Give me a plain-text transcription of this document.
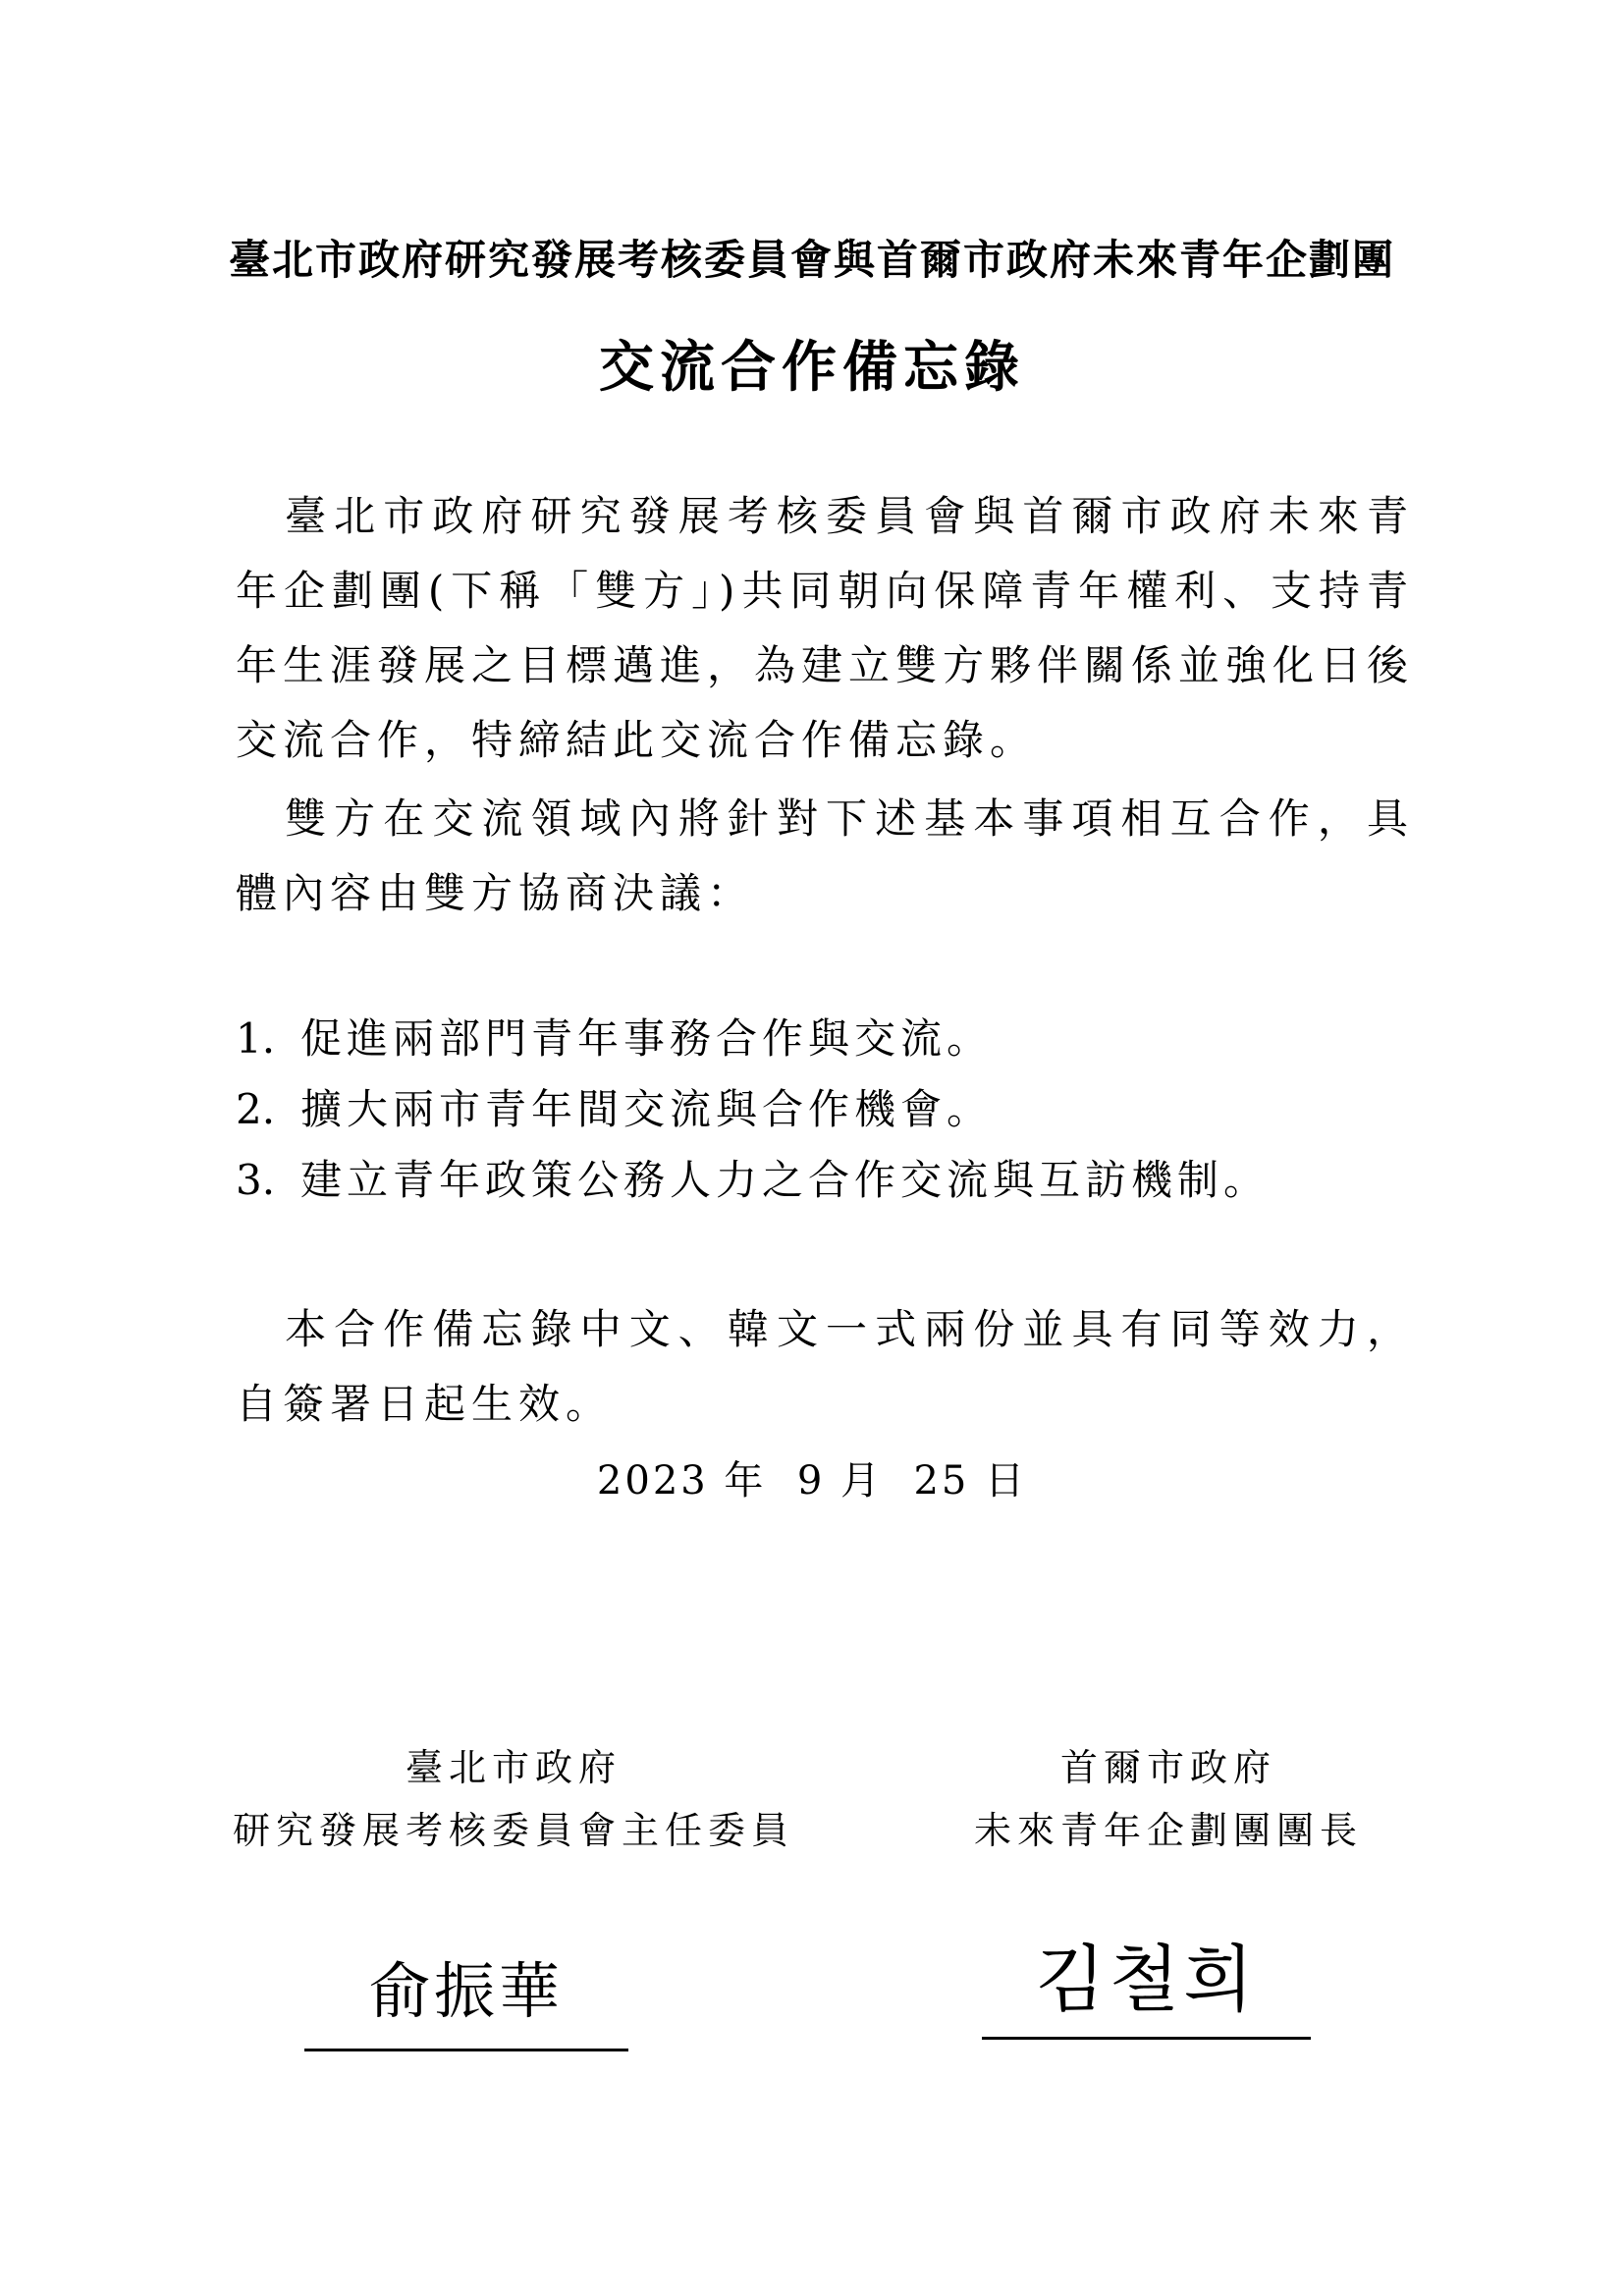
臺北市政府研究發展考核委員會與首爾市政府未來青年企劃團
交流合作備忘錄
　臺北市政府研究發展考核委員會與首爾市政府未來青年企劃團(下稱「雙方」)共同朝向保障青年權利、支持青年生涯發展之目標邁進，為建立雙方夥伴關係並強化日後交流合作，特締結此交流合作備忘錄。
　雙方在交流領域內將針對下述基本事項相互合作，具體內容由雙方協商決議：
1. 促進兩部門青年事務合作與交流。
2. 擴大兩市青年間交流與合作機會。
3. 建立青年政策公務人力之合作交流與互訪機制。
　本合作備忘錄中文、韓文一式兩份並具有同等效力，自簽署日起生效。
2023 年  9 月  25 日
臺北市政府
研究發展考核委員會主任委員
首爾市政府
未來青年企劃團團長
俞振華	김철희
